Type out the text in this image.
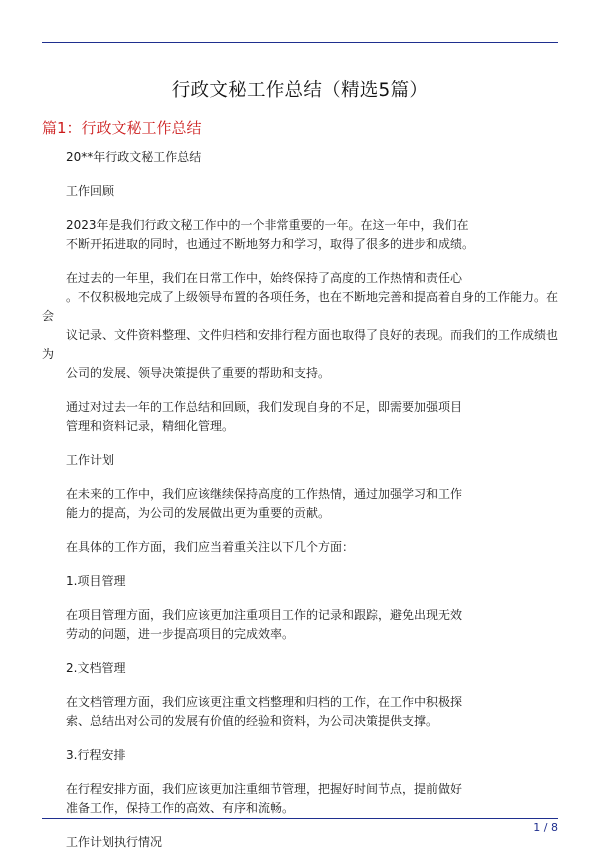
行政文秘工作总结（精选5篇）
篇1：行政文秘工作总结
20**年行政文秘工作总结
工作回顾
2023年是我们行政文秘工作中的一个非常重要的一年。在这一年中，我们在
不断开拓进取的同时，也通过不断地努力和学习，取得了很多的进步和成绩。
在过去的一年里，我们在日常工作中，始终保持了高度的工作热情和责任心
。不仅积极地完成了上级领导布置的各项任务，也在不断地完善和提高着自身的工作能力。在会
议记录、文件资料整理、文件归档和安排行程方面也取得了良好的表现。而我们的工作成绩也为
公司的发展、领导决策提供了重要的帮助和支持。
通过对过去一年的工作总结和回顾，我们发现自身的不足，即需要加强项目
管理和资料记录，精细化管理。
工作计划
在未来的工作中，我们应该继续保持高度的工作热情，通过加强学习和工作
能力的提高，为公司的发展做出更为重要的贡献。
在具体的工作方面，我们应当着重关注以下几个方面：
1.项目管理
在项目管理方面，我们应该更加注重项目工作的记录和跟踪，避免出现无效
劳动的问题，进一步提高项目的完成效率。
2.文档管理
在文档管理方面，我们应该更注重文档整理和归档的工作，在工作中积极探
索、总结出对公司的发展有价值的经验和资料，为公司决策提供支撑。
3.行程安排
在行程安排方面，我们应该更加注重细节管理，把握好时间节点，提前做好
准备工作，保持工作的高效、有序和流畅。
工作计划执行情况
1 / 8
